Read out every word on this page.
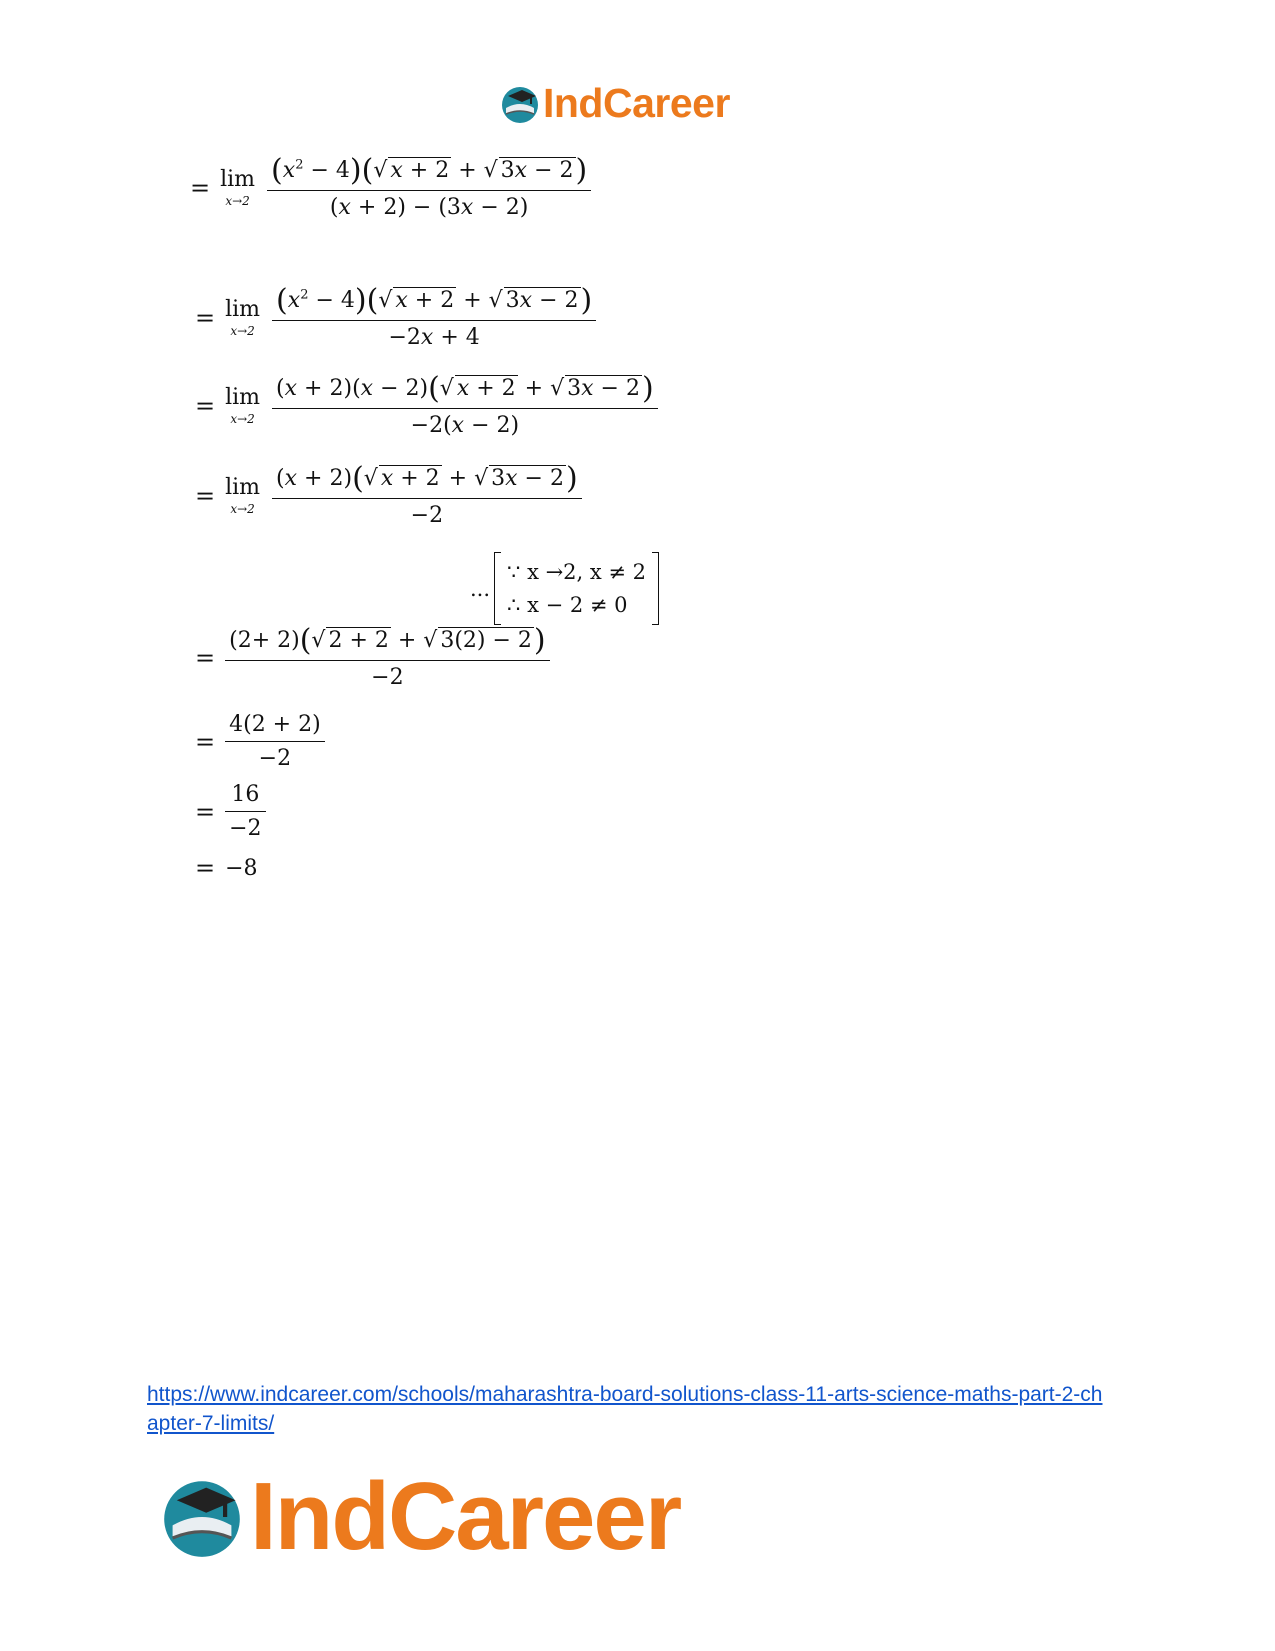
IndCareer
= lim
$x\to 2 \frac{(x^2 - 4)(√ x + 2 + √ 3x - 2)}{(x + 2) - (3x - 2)}$
= lim
$x\to 2 \frac{(x^2 - 4)(√ x + 2 + √ 3x - 2)}{-2x + 4}$
= lim
$x\to 2 \frac{(x + 2)(x - 2)(√ x + 2 + √ 3x - 2)}{-2(x - 2)}$
= lim
$x\to 2 \frac{(x + 2)(√ x + 2 + √ 3x - 2)}{-2}$
...
∵ x →2, x ≠ 2
∴ x − 2 ≠ 0
= $\frac{(2+ 2)(√ 2 + 2 + √ 3(2) - 2)}{-2}$
= $\frac{4(2 + 2)}{-2}$
= $\frac{16}{-2}$
= −8
https://www.indcareer.com/schools/maharashtra-board-solutions-class-11-arts-science-maths-part-2-chapter-7-limits/
IndCareer
